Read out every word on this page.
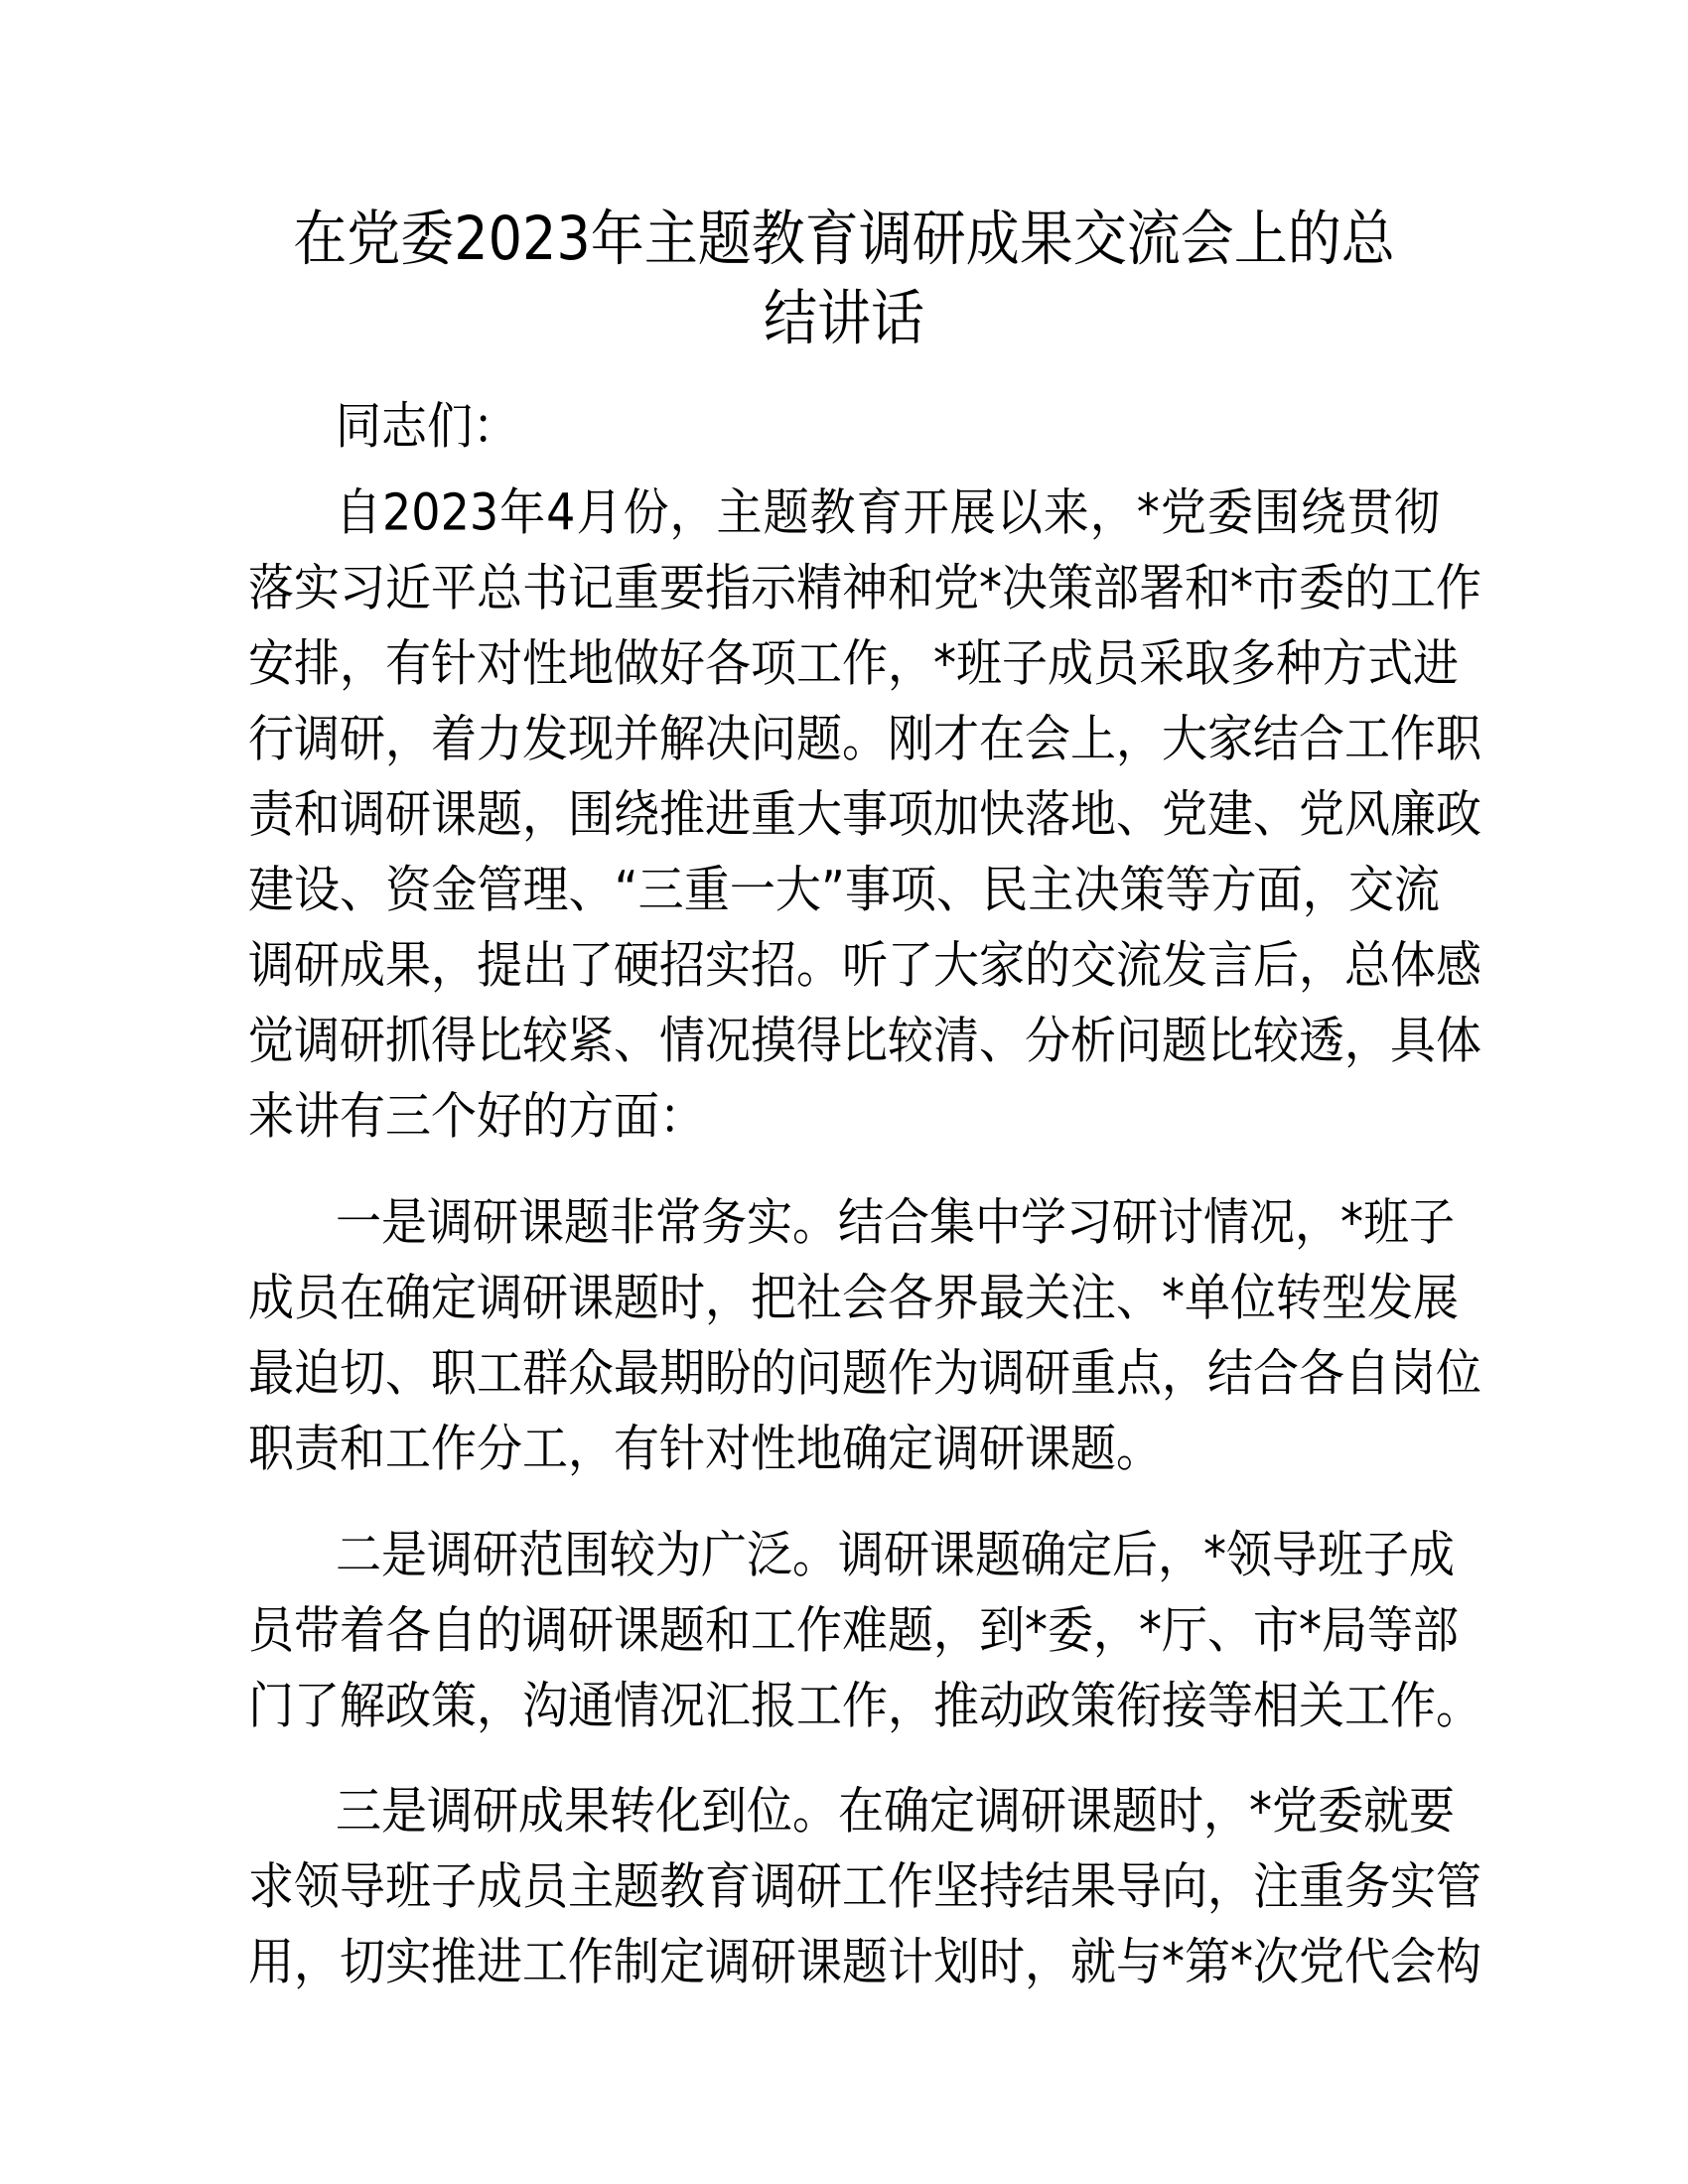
在党委2023年主题教育调研成果交流会上的总
结讲话
同志们：
自2023年4月份，主题教育开展以来，*党委围绕贯彻
落实习近平总书记重要指示精神和党*决策部署和*市委的工作
安排，有针对性地做好各项工作，*班子成员采取多种方式进
行调研，着力发现并解决问题。刚才在会上，大家结合工作职
责和调研课题，围绕推进重大事项加快落地、党建、党风廉政
建设、资金管理、“三重一大”事项、民主决策等方面，交流
调研成果，提出了硬招实招。听了大家的交流发言后，总体感
觉调研抓得比较紧、情况摸得比较清、分析问题比较透，具体
来讲有三个好的方面：
一是调研课题非常务实。结合集中学习研讨情况，*班子
成员在确定调研课题时，把社会各界最关注、*单位转型发展
最迫切、职工群众最期盼的问题作为调研重点，结合各自岗位
职责和工作分工，有针对性地确定调研课题。
二是调研范围较为广泛。调研课题确定后，*领导班子成
员带着各自的调研课题和工作难题，到*委，*厅、市*局等部
门了解政策，沟通情况汇报工作，推动政策衔接等相关工作。
三是调研成果转化到位。在确定调研课题时，*党委就要
求领导班子成员主题教育调研工作坚持结果导向，注重务实管
用，切实推进工作制定调研课题计划时，就与*第*次党代会构
